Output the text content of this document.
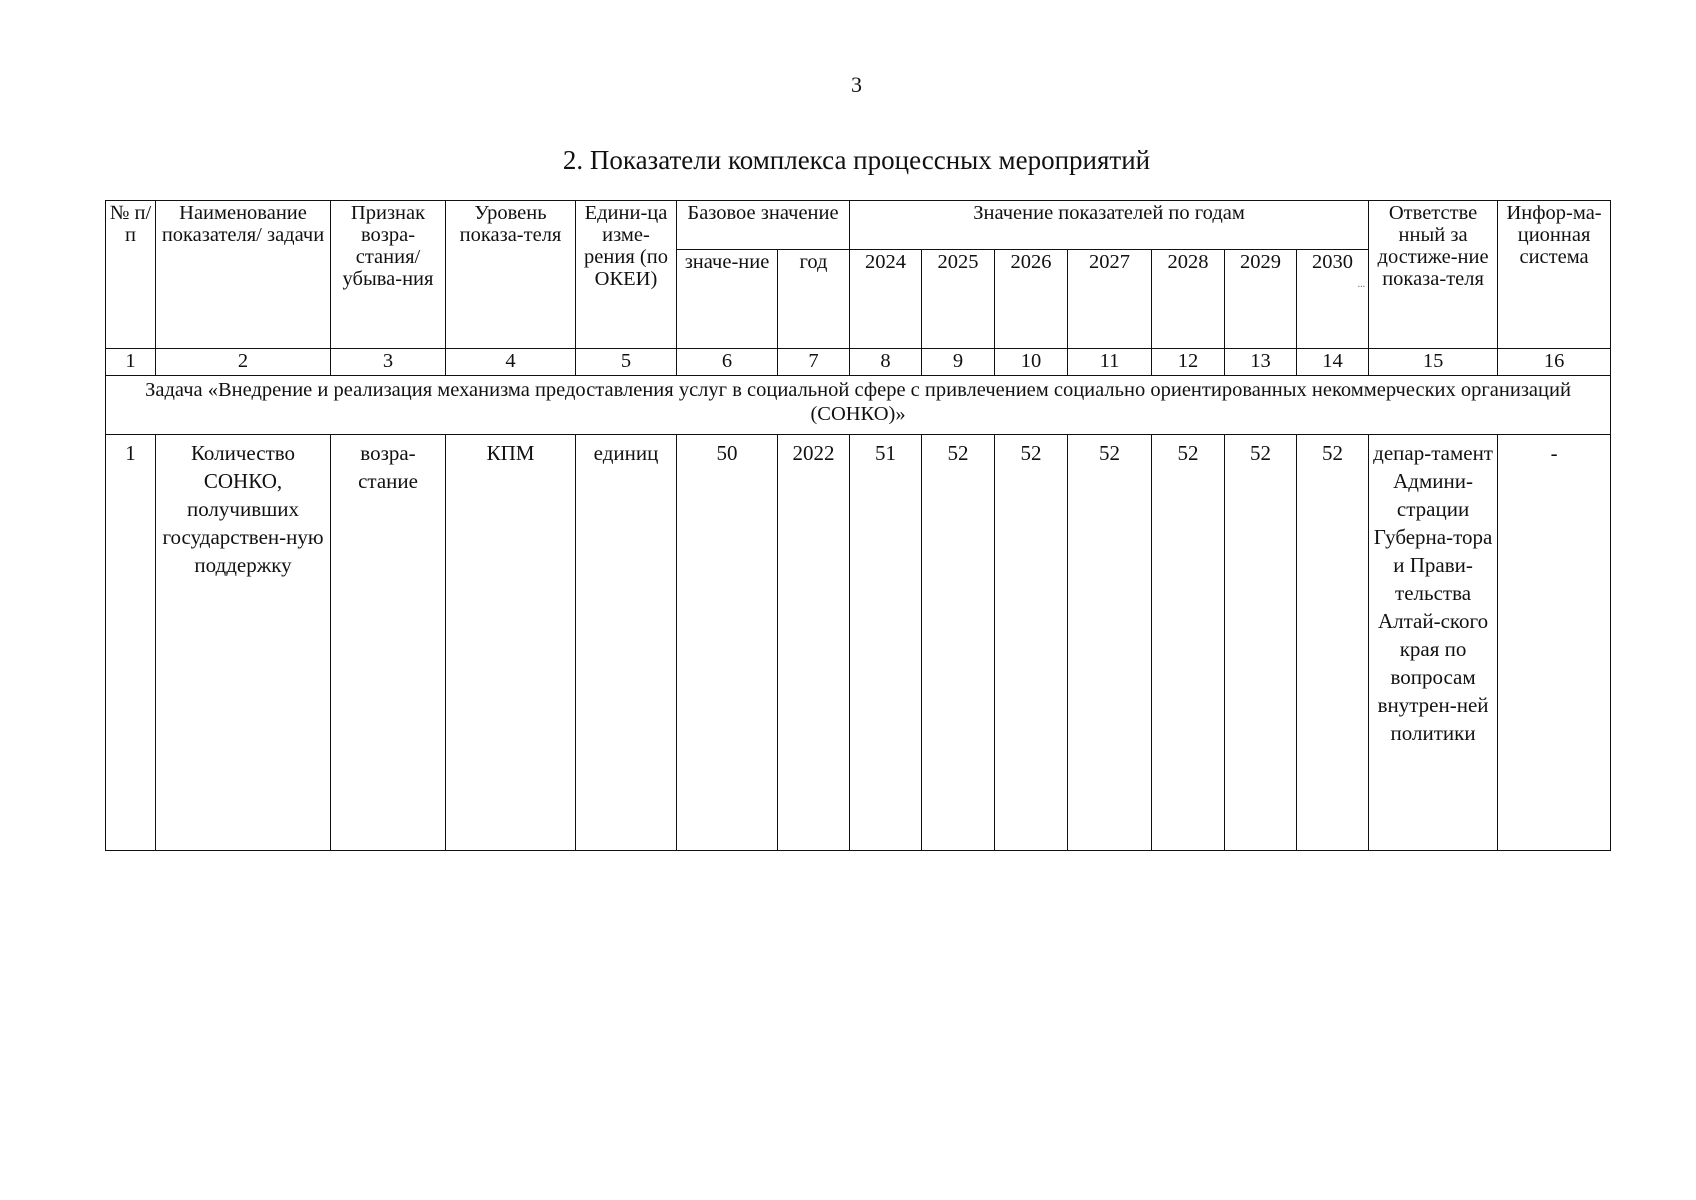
3
2. Показатели комплекса процессных мероприятий
№ п/ п	Наименование показателя/ задачи	Признак возра-стания/ убыва-ния	Уровень показа-теля	Едини-ца изме-рения (по ОКЕИ)	Базовое значение		Значение показателей по годам							Ответстве нный за достиже-ние показа-теля	Инфор-ма-ционная система
					значе-ние	год	2024	2025	2026	2027	2028	2029	2030
...		

1	2	3	4	5	6	7	8	9	10	11	12	13	14	15	16
Задача «Внедрение и реализация механизма предоставления услуг в социальной сфере с привлечением социально ориентированных некоммерческих организаций (СОНКО)»															
1	Количество СОНКО, получивших государствен-ную поддержку	возра-стание	КПМ	единиц	50	2022	51	52	52	52	52	52	52	депар-тамент Админи-страции Губерна-тора и Прави-тельства Алтай-ского края по вопросам внутрен-ней политики	-
